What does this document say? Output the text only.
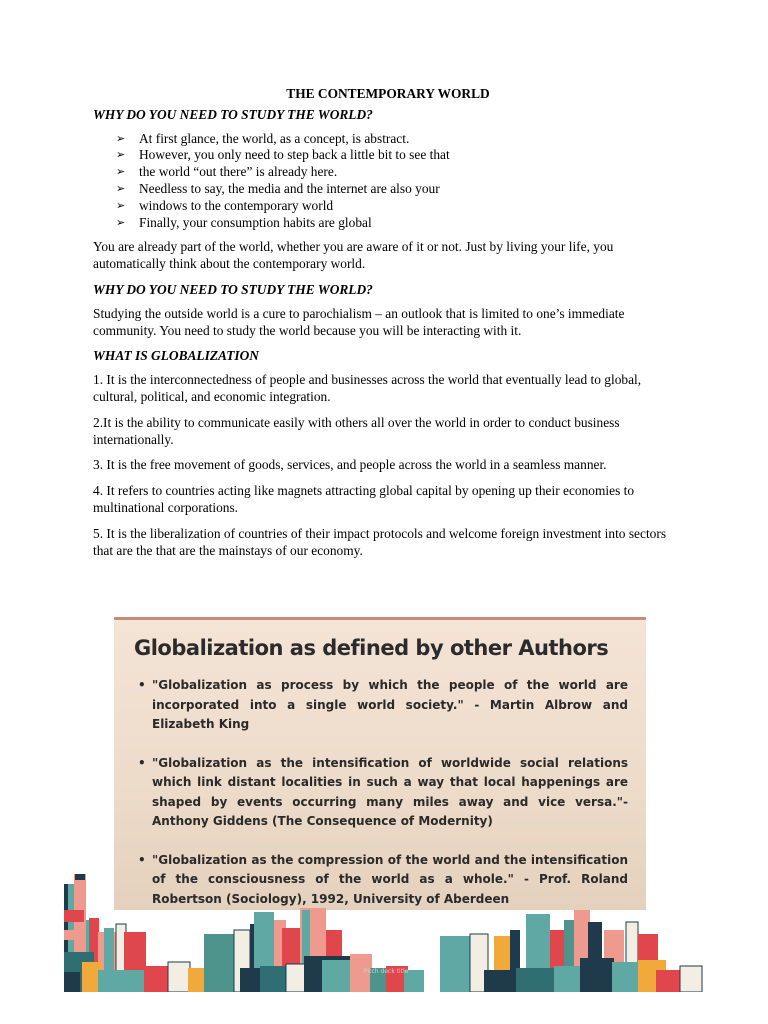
THE CONTEMPORARY WORLD
WHY DO YOU NEED TO STUDY THE WORLD?
➢ At first glance, the world, as a concept, is abstract.
➢ However, you only need to step back a little bit to see that
➢ the world “out there” is already here.
➢ Needless to say, the media and the internet are also your
➢ windows to the contemporary world
➢ Finally, your consumption habits are global

You are already part of the world, whether you are aware of it or not. Just by living your life, you automatically think about the contemporary world.

WHY DO YOU NEED TO STUDY THE WORLD?

Studying the outside world is a cure to parochialism – an outlook that is limited to one’s immediate community. You need to study the world because you will be interacting with it.

WHAT IS GLOBALIZATION

1. It is the interconnectedness of people and businesses across the world that eventually lead to global, cultural, political, and economic integration.

2.It is the ability to communicate easily with others all over the world in order to conduct business internationally.

3. It is the free movement of goods, services, and people across the world in a seamless manner.

4. It refers to countries acting like magnets attracting global capital by opening up their economies to multinational corporations.

5. It is the liberalization of countries of their impact protocols and welcome foreign investment into sectors that are the that are the mainstays of our economy.

Globalization as defined by other Authors
• "Globalization as process by which the people of the world are incorporated into a single world society." - Martin Albrow and Elizabeth King
• "Globalization as the intensification of worldwide social relations which link distant localities in such a way that local happenings are shaped by events occurring many miles away and vice versa."- Anthony Giddens (The Consequence of Modernity)
• "Globalization as the compression of the world and the intensification of the consciousness of the world as a whole." - Prof. Roland Robertson (Sociology), 1992, University of Aberdeen
Pitch deck title
